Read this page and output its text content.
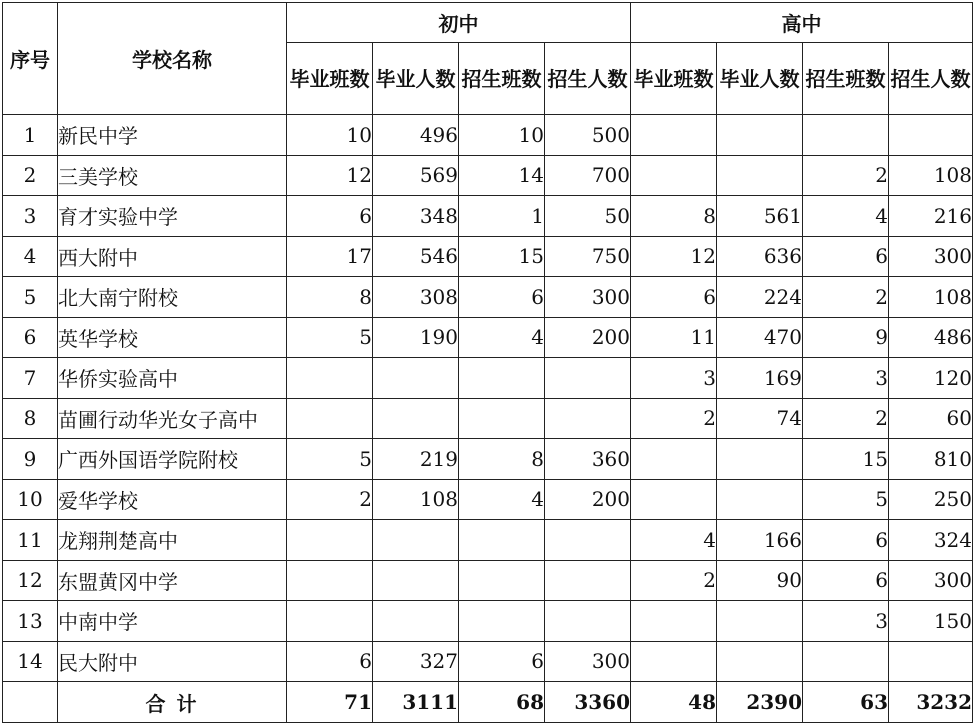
序号	学校名称	初中				高中			
		毕业班数	毕业人数	招生班数	招生人数	毕业班数	毕业人数	招生班数	招生人数
1	新民中学	10	496	10	500				
2	三美学校	12	569	14	700			2	108
3	育才实验中学	6	348	1	50	8	561	4	216
4	西大附中	17	546	15	750	12	636	6	300
5	北大南宁附校	8	308	6	300	6	224	2	108
6	英华学校	5	190	4	200	11	470	9	486
7	华侨实验高中					3	169	3	120
8	苗圃行动华光女子高中					2	74	2	60
9	广西外国语学院附校	5	219	8	360			15	810
10	爱华学校	2	108	4	200			5	250
11	龙翔荆楚高中					4	166	6	324
12	东盟黄冈中学					2	90	6	300
13	中南中学							3	150
14	民大附中	6	327	6	300				
	合 计	71	3111	68	3360	48	2390	63	3232
